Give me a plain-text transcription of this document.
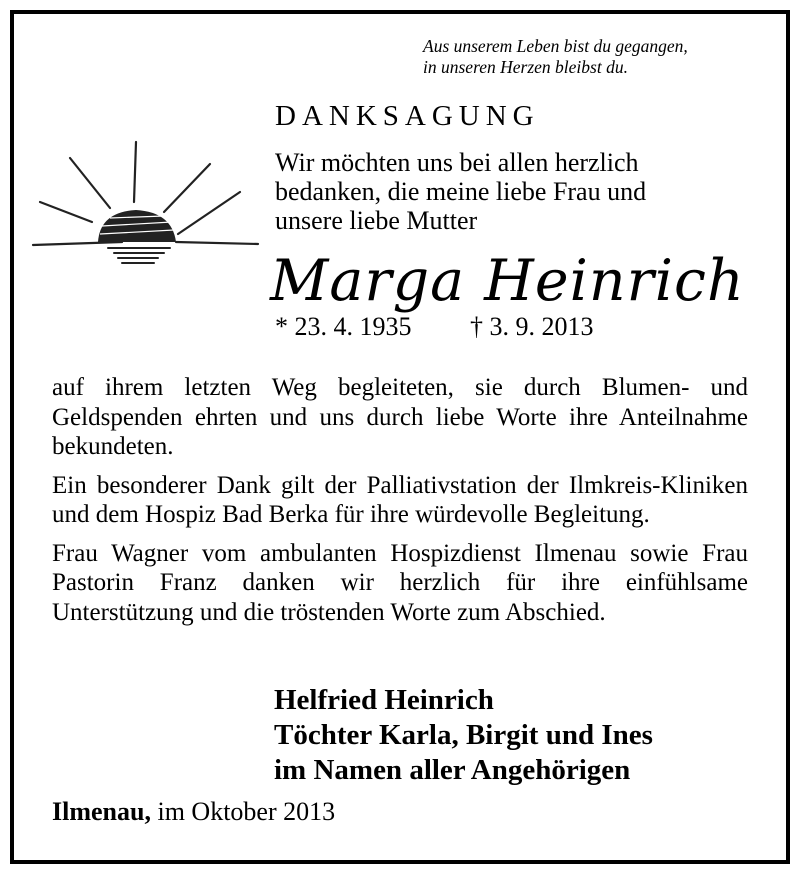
Aus unserem Leben bist du gegangen,
in unseren Herzen bleibst du.
DANKSAGUNG
Wir möchten uns bei allen herzlich
bedanken, die meine liebe Frau und
unsere liebe Mutter
Marga Heinrich
* 23. 4. 1935 † 3. 9. 2013

auf ihrem letzten Weg begleiteten, sie durch Blumen- und Geldspenden ehrten und uns durch liebe Worte ihre Anteilnahme bekundeten.

Ein besonderer Dank gilt der Palliativstation der Ilmkreis-Kliniken und dem Hospiz Bad Berka für ihre würdevolle Begleitung.

Frau Wagner vom ambulanten Hospizdienst Ilmenau sowie Frau Pastorin Franz danken wir herzlich für ihre einfühlsame Unterstützung und die tröstenden Worte zum Abschied.

Helfried Heinrich
Töchter Karla, Birgit und Ines
im Namen aller Angehörigen
Ilmenau, im Oktober 2013
